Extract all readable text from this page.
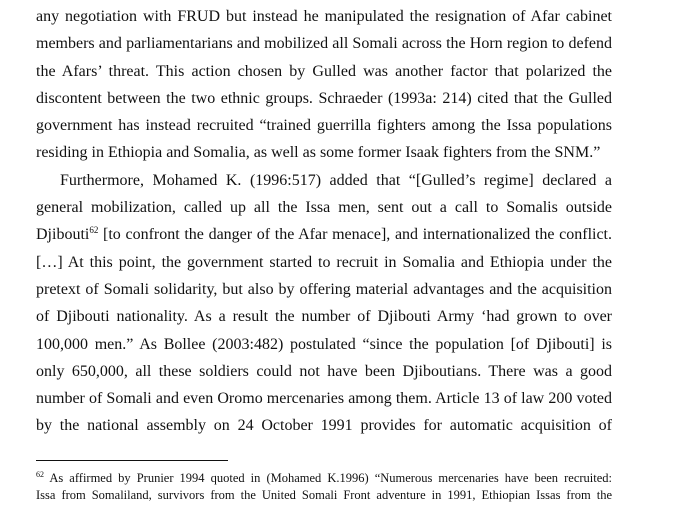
any negotiation with FRUD but instead he manipulated the resignation of Afar cabinet
members and parliamentarians and mobilized all Somali across the Horn region to defend
the Afars’ threat. This action chosen by Gulled was another factor that polarized the
discontent between the two ethnic groups. Schraeder (1993a: 214) cited that the Gulled
government has instead recruited “trained guerrilla fighters among the Issa populations
residing in Ethiopia and Somalia, as well as some former Isaak fighters from the SNM.”
Furthermore, Mohamed K. (1996:517) added that “[Gulled’s regime] declared a
general mobilization, called up all the Issa men, sent out a call to Somalis outside
Djibouti$^{62}$ [to confront the danger of the Afar menace], and internationalized the conflict.
[…] At this point, the government started to recruit in Somalia and Ethiopia under the
pretext of Somali solidarity, but also by offering material advantages and the acquisition
of Djibouti nationality. As a result the number of Djibouti Army ‘had grown to over
100,000 men.” As Bollee (2003:482) postulated “since the population [of Djibouti] is
only 650,000, all these soldiers could not have been Djiboutians. There was a good
number of Somali and even Oromo mercenaries among them. Article 13 of law 200 voted
by the national assembly on 24 October 1991 provides for automatic acquisition of
$^{62}$ As affirmed by Prunier 1994 quoted in (Mohamed K.1996) “Numerous mercenaries have been recruited:
Issa from Somaliland, survivors from the United Somali Front adventure in 1991, Ethiopian Issas from the
